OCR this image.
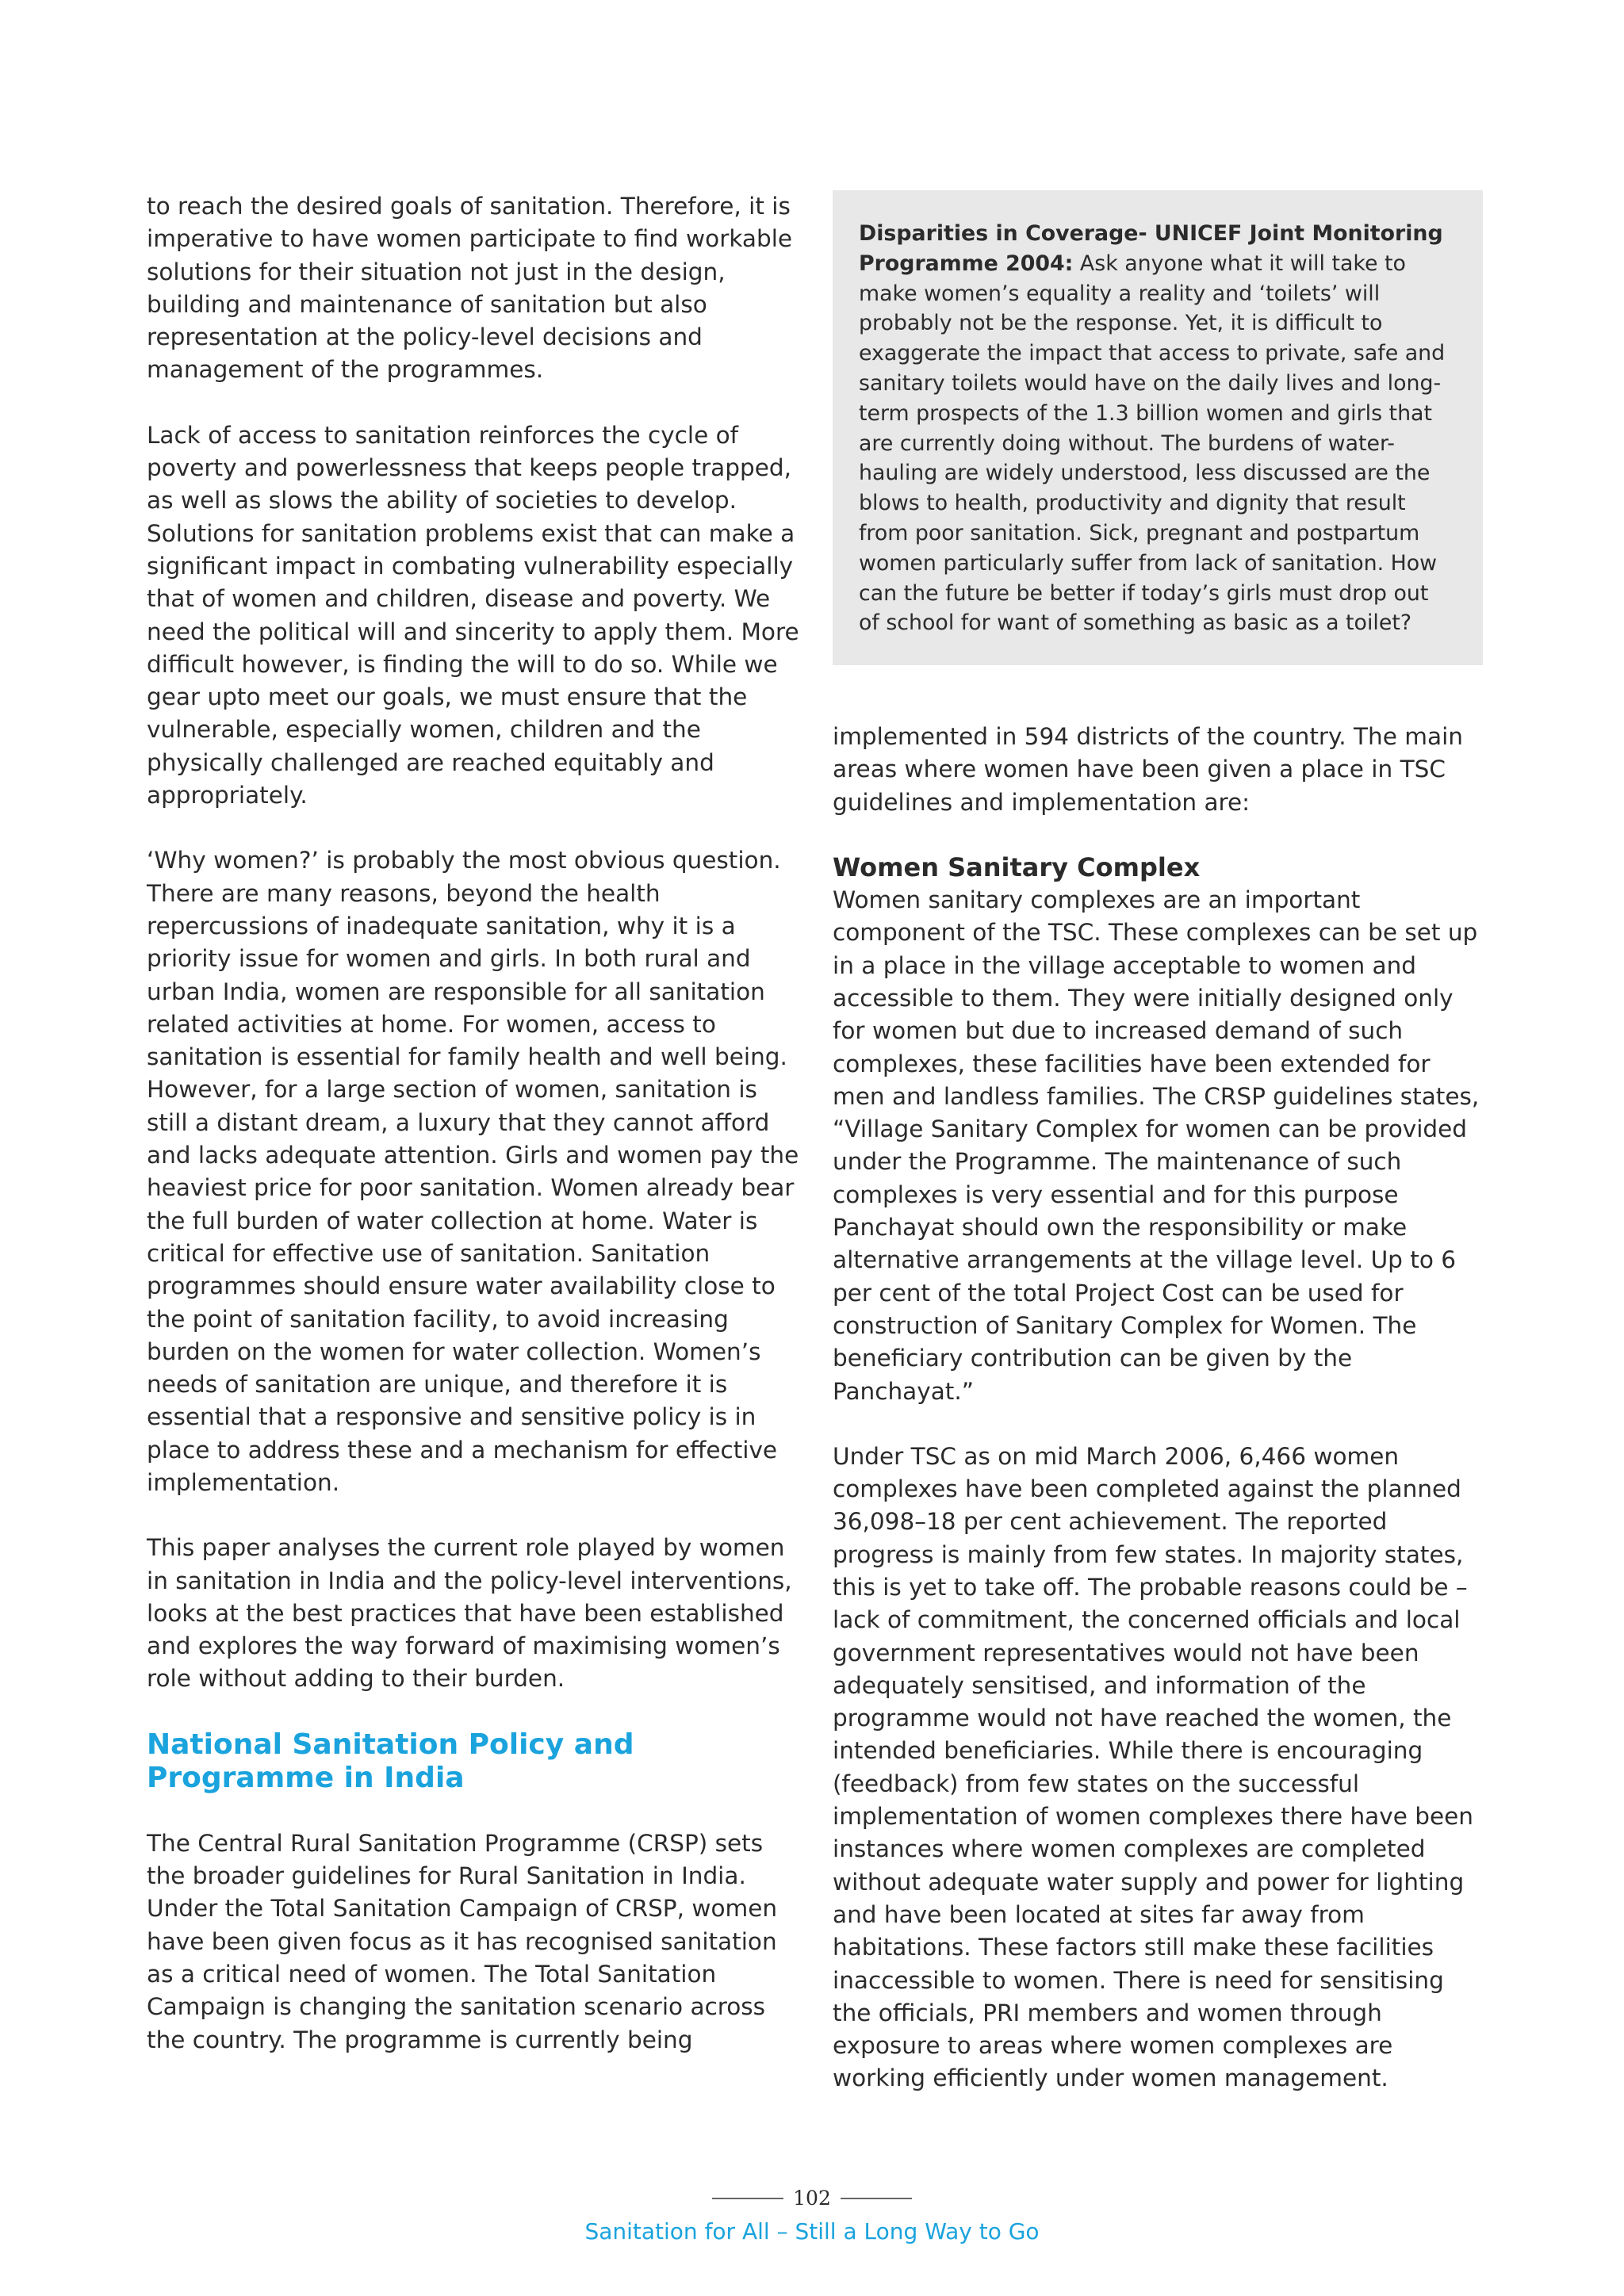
to reach the desired goals of sanitation. Therefore, it is imperative to have women participate to find workable solutions for their situation not just in the design, building and maintenance of sanitation but also representation at the policy-level decisions and management of the programmes.

Lack of access to sanitation reinforces the cycle of poverty and powerlessness that keeps people trapped, as well as slows the ability of societies to develop. Solutions for sanitation problems exist that can make a significant impact in combating vulnerability especially that of women and children, disease and poverty. We need the political will and sincerity to apply them. More difficult however, is finding the will to do so. While we gear upto meet our goals, we must ensure that the vulnerable, especially women, children and the physically challenged are reached equitably and appropriately.

‘Why women?’ is probably the most obvious question. There are many reasons, beyond the health repercussions of inadequate sanitation, why it is a priority issue for women and girls. In both rural and urban India, women are responsible for all sanitation related activities at home. For women, access to sanitation is essential for family health and well being. However, for a large section of women, sanitation is still a distant dream, a luxury that they cannot afford and lacks adequate attention. Girls and women pay the heaviest price for poor sanitation. Women already bear the full burden of water collection at home. Water is critical for effective use of sanitation. Sanitation programmes should ensure water availability close to the point of sanitation facility, to avoid increasing burden on the women for water collection. Women’s needs of sanitation are unique, and therefore it is essential that a responsive and sensitive policy is in place to address these and a mechanism for effective implementation.

This paper analyses the current role played by women in sanitation in India and the policy-level interventions, looks at the best practices that have been established and explores the way forward of maximising women’s role without adding to their burden.

National Sanitation Policy and Programme in India

The Central Rural Sanitation Programme (CRSP) sets the broader guidelines for Rural Sanitation in India. Under the Total Sanitation Campaign of CRSP, women have been given focus as it has recognised sanitation as a critical need of women. The Total Sanitation Campaign is changing the sanitation scenario across the country. The programme is currently being

Disparities in Coverage- UNICEF Joint Monitoring Programme 2004: Ask anyone what it will take to make women’s equality a reality and ‘toilets’ will probably not be the response. Yet, it is difficult to exaggerate the impact that access to private, safe and sanitary toilets would have on the daily lives and long-term prospects of the 1.3 billion women and girls that are currently doing without. The burdens of water-hauling are widely understood, less discussed are the blows to health, productivity and dignity that result from poor sanitation. Sick, pregnant and postpartum women particularly suffer from lack of sanitation. How can the future be better if today’s girls must drop out of school for want of something as basic as a toilet?

implemented in 594 districts of the country. The main areas where women have been given a place in TSC guidelines and implementation are:

Women Sanitary Complex

Women sanitary complexes are an important component of the TSC. These complexes can be set up in a place in the village acceptable to women and accessible to them. They were initially designed only for women but due to increased demand of such complexes, these facilities have been extended for men and landless families. The CRSP guidelines states, “Village Sanitary Complex for women can be provided under the Programme. The maintenance of such complexes is very essential and for this purpose Panchayat should own the responsibility or make alternative arrangements at the village level. Up to 6 per cent of the total Project Cost can be used for construction of Sanitary Complex for Women. The beneficiary contribution can be given by the Panchayat.”

Under TSC as on mid March 2006, 6,466 women complexes have been completed against the planned 36,098–18 per cent achievement. The reported progress is mainly from few states. In majority states, this is yet to take off. The probable reasons could be – lack of commitment, the concerned officials and local government representatives would not have been adequately sensitised, and information of the programme would not have reached the women, the intended beneficiaries. While there is encouraging (feedback) from few states on the successful implementation of women complexes there have been instances where women complexes are completed without adequate water supply and power for lighting and have been located at sites far away from habitations. These factors still make these facilities inaccessible to women. There is need for sensitising the officials, PRI members and women through exposure to areas where women complexes are working efficiently under women management.

102
Sanitation for All – Still a Long Way to Go
